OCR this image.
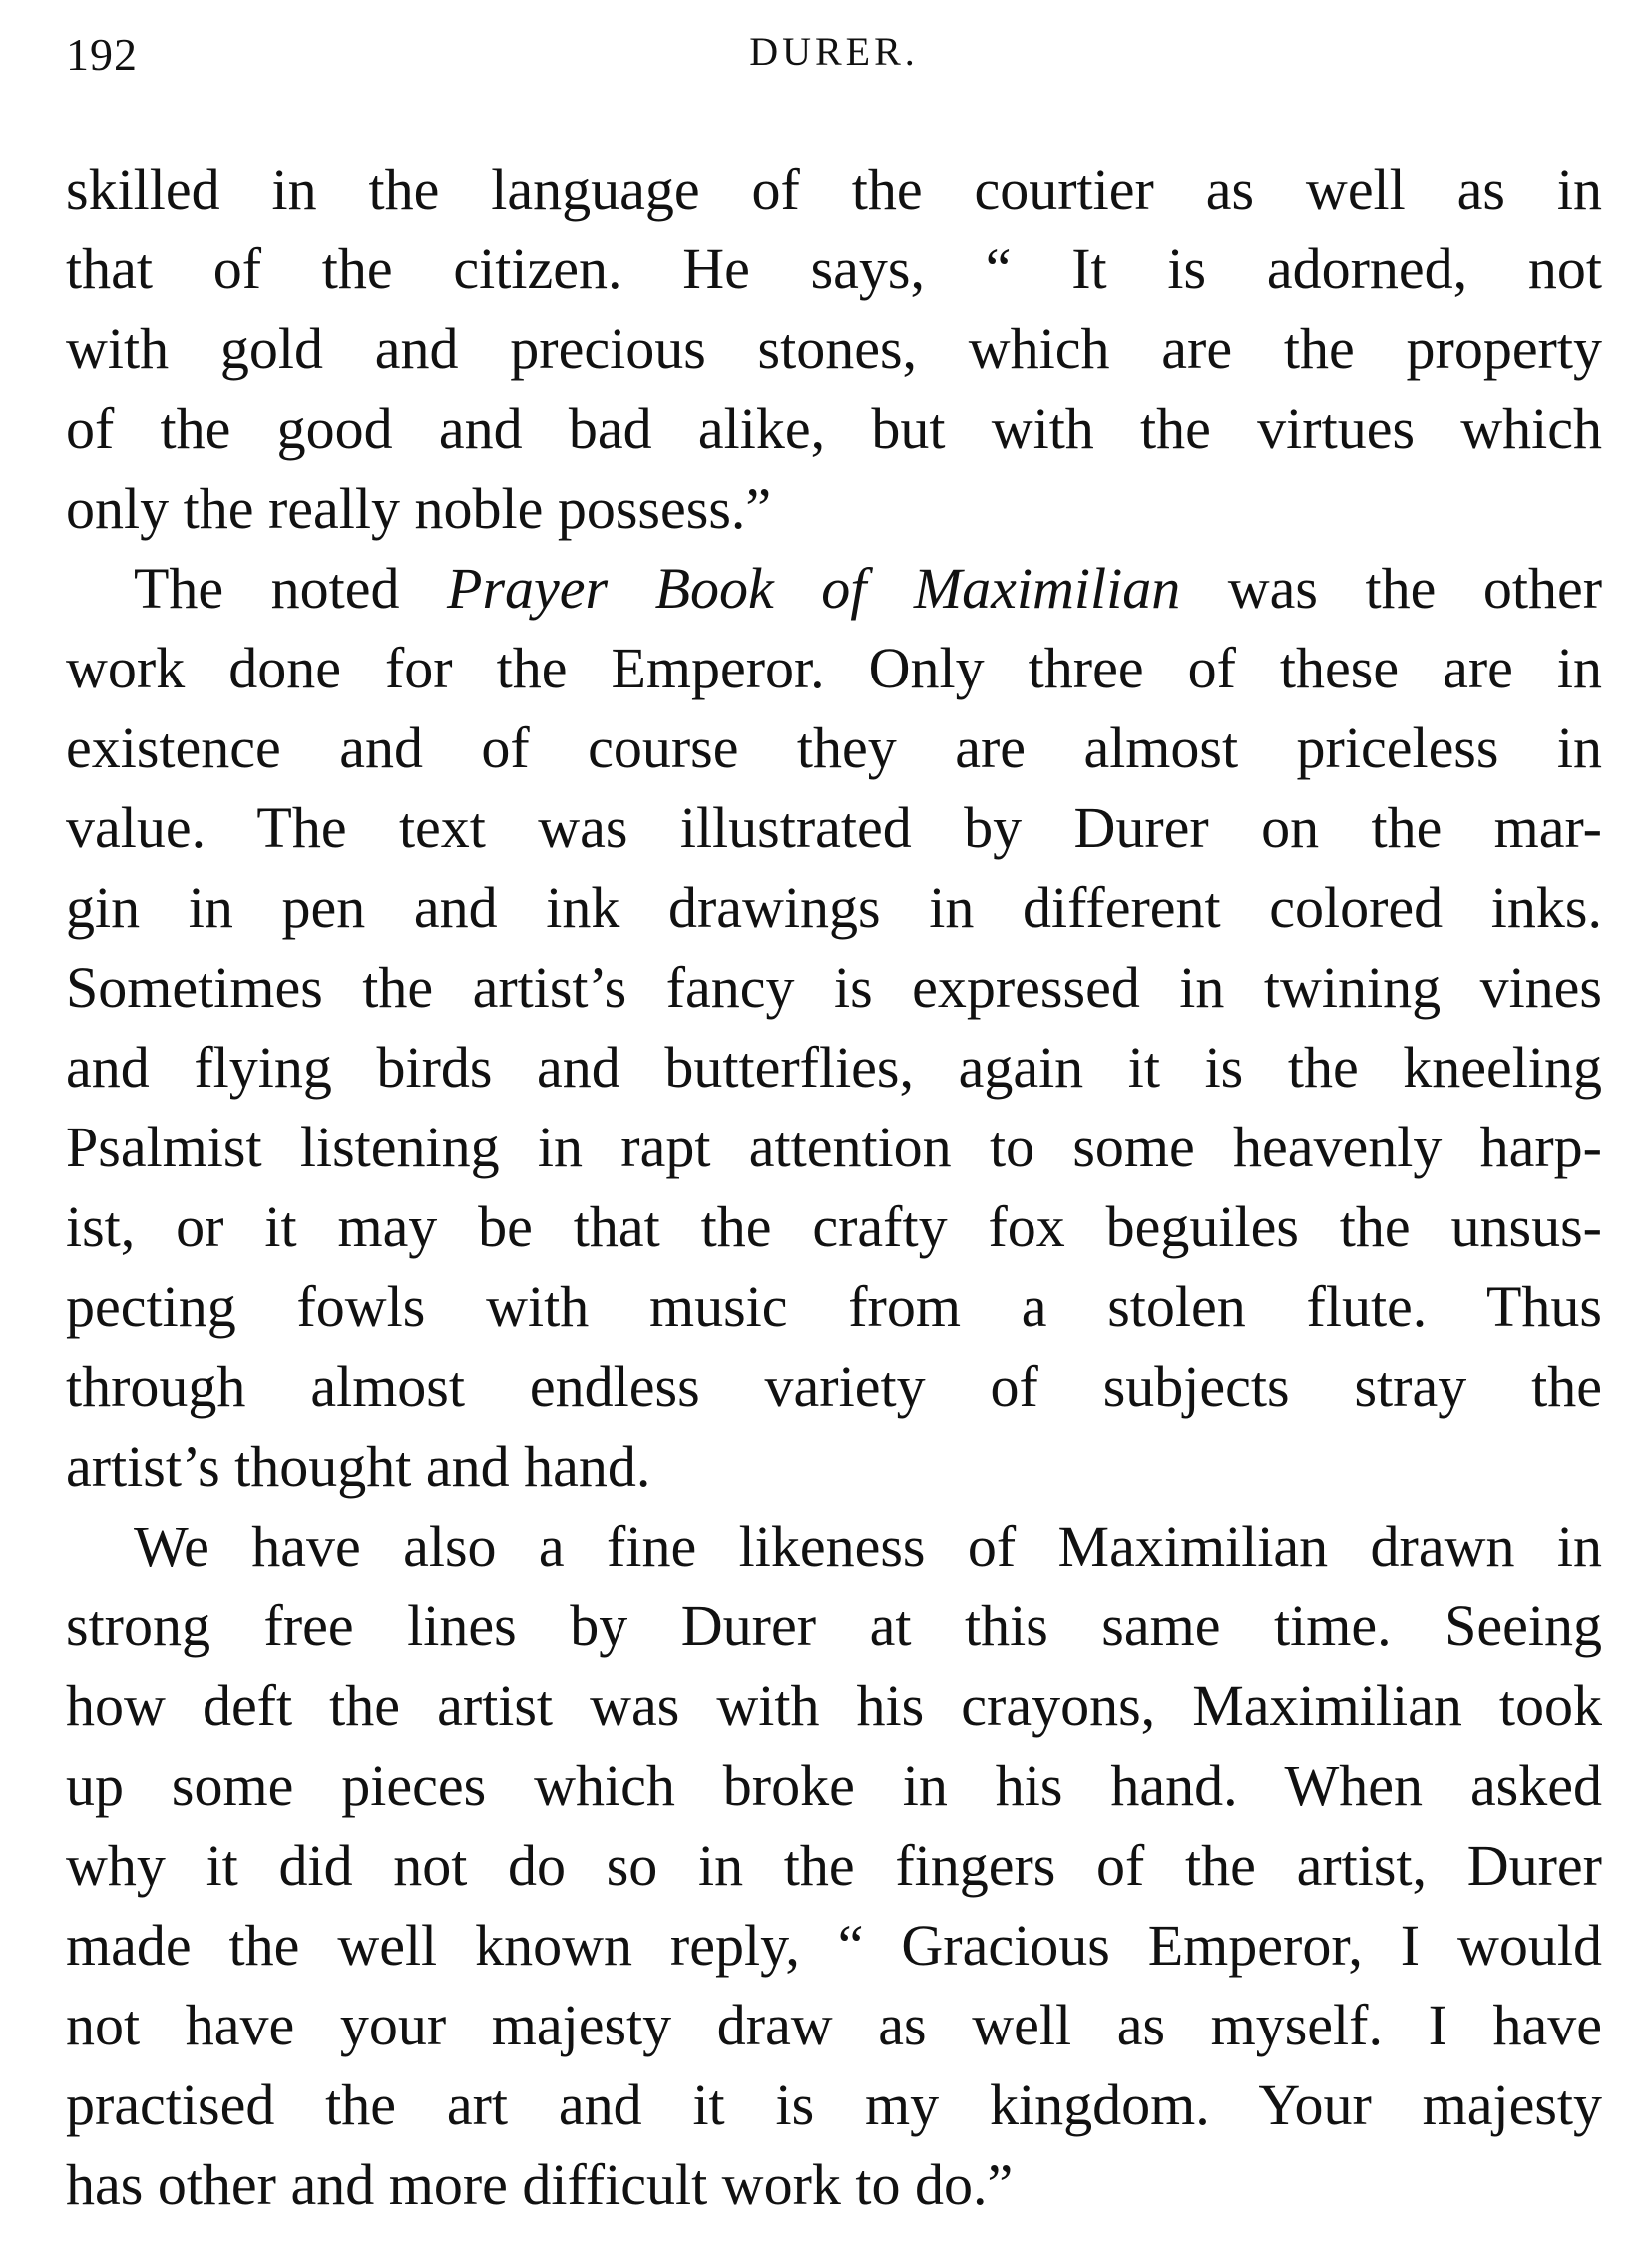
192	DURER.
skilled in the language of the courtier as well as in
that of the citizen. He says, “ It is adorned, not
with gold and precious stones, which are the property
of the good and bad alike, but with the virtues which
only the really noble possess.”
The noted Prayer Book of Maximilian was the other
work done for the Emperor. Only three of these are in
existence and of course they are almost priceless in
value. The text was illustrated by Durer on the mar-
gin in pen and ink drawings in different colored inks.
Sometimes the artist’s fancy is expressed in twining vines
and flying birds and butterflies, again it is the kneeling
Psalmist listening in rapt attention to some heavenly harp-
ist, or it may be that the crafty fox beguiles the unsus-
pecting fowls with music from a stolen flute. Thus
through almost endless variety of subjects stray the
artist’s thought and hand.
We have also a fine likeness of Maximilian drawn in
strong free lines by Durer at this same time. Seeing
how deft the artist was with his crayons, Maximilian took
up some pieces which broke in his hand. When asked
why it did not do so in the fingers of the artist, Durer
made the well known reply, “ Gracious Emperor, I would
not have your majesty draw as well as myself. I have
practised the art and it is my kingdom. Your majesty
has other and more difficult work to do.”
